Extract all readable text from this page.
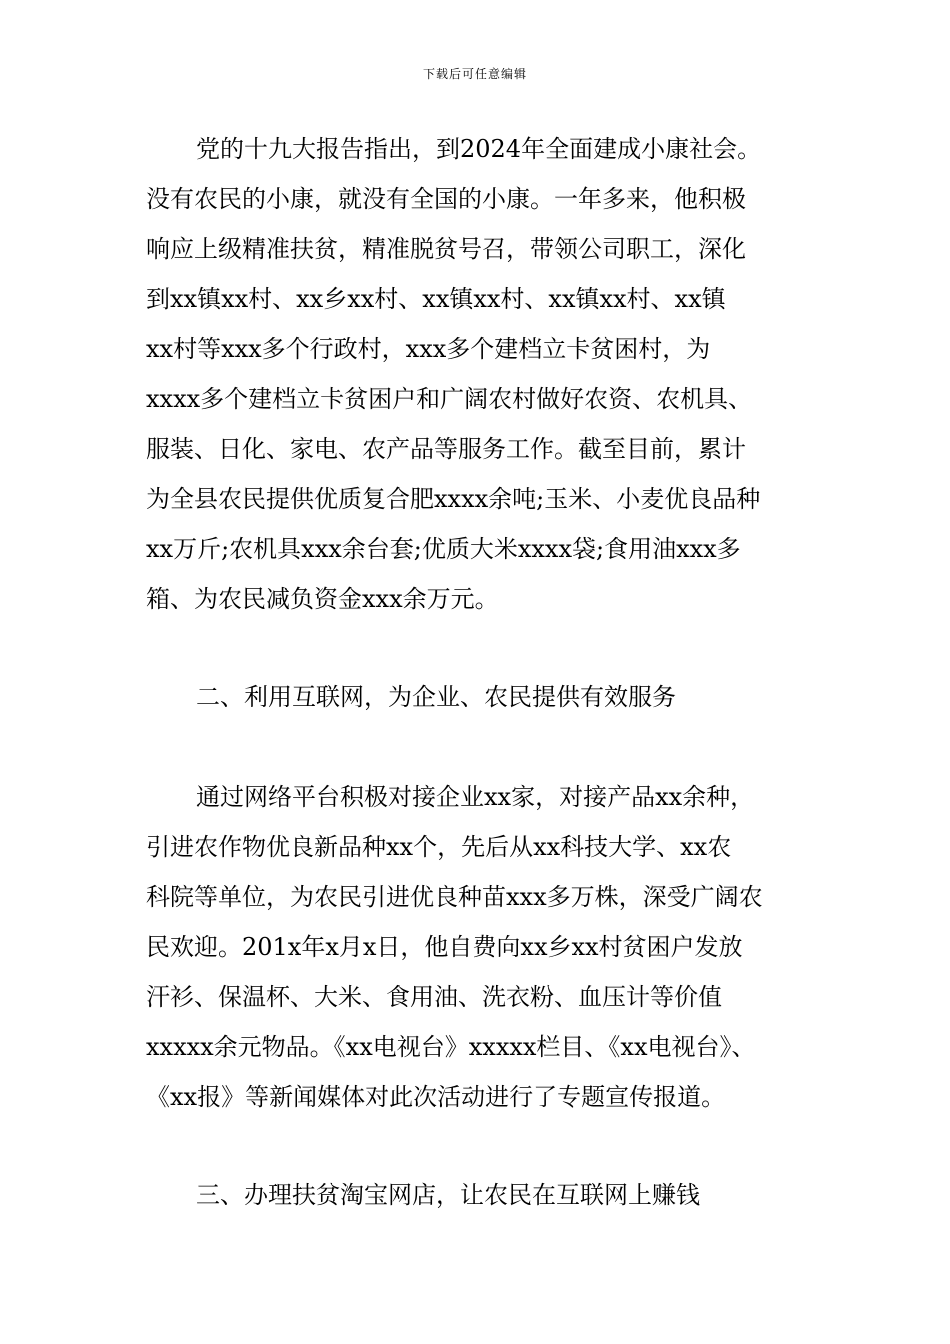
下载后可任意编辑
党的十九大报告指出，到2024年全面建成小康社会。
没有农民的小康，就没有全国的小康。一年多来，他积极
响应上级精准扶贫，精准脱贫号召，带领公司职工，深化
到xx镇xx村、xx乡xx村、xx镇xx村、xx镇xx村、xx镇
xx村等xxx多个行政村，xxx多个建档立卡贫困村，为
xxxx多个建档立卡贫困户和广阔农村做好农资、农机具、
服装、日化、家电、农产品等服务工作。截至目前，累计
为全县农民提供优质复合肥xxxx余吨;玉米、小麦优良品种
xx万斤;农机具xxx余台套;优质大米xxxx袋;食用油xxx多
箱、为农民减负资金xxx余万元。
二、利用互联网，为企业、农民提供有效服务
通过网络平台积极对接企业xx家，对接产品xx余种，
引进农作物优良新品种xx个，先后从xx科技大学、xx农
科院等单位，为农民引进优良种苗xxx多万株，深受广阔农
民欢迎。201x年x月x日，他自费向xx乡xx村贫困户发放
汗衫、保温杯、大米、食用油、洗衣粉、血压计等价值
xxxxx余元物品。《xx电视台》xxxxx栏目、《xx电视台》、
《xx报》等新闻媒体对此次活动进行了专题宣传报道。
三、办理扶贫淘宝网店，让农民在互联网上赚钱
